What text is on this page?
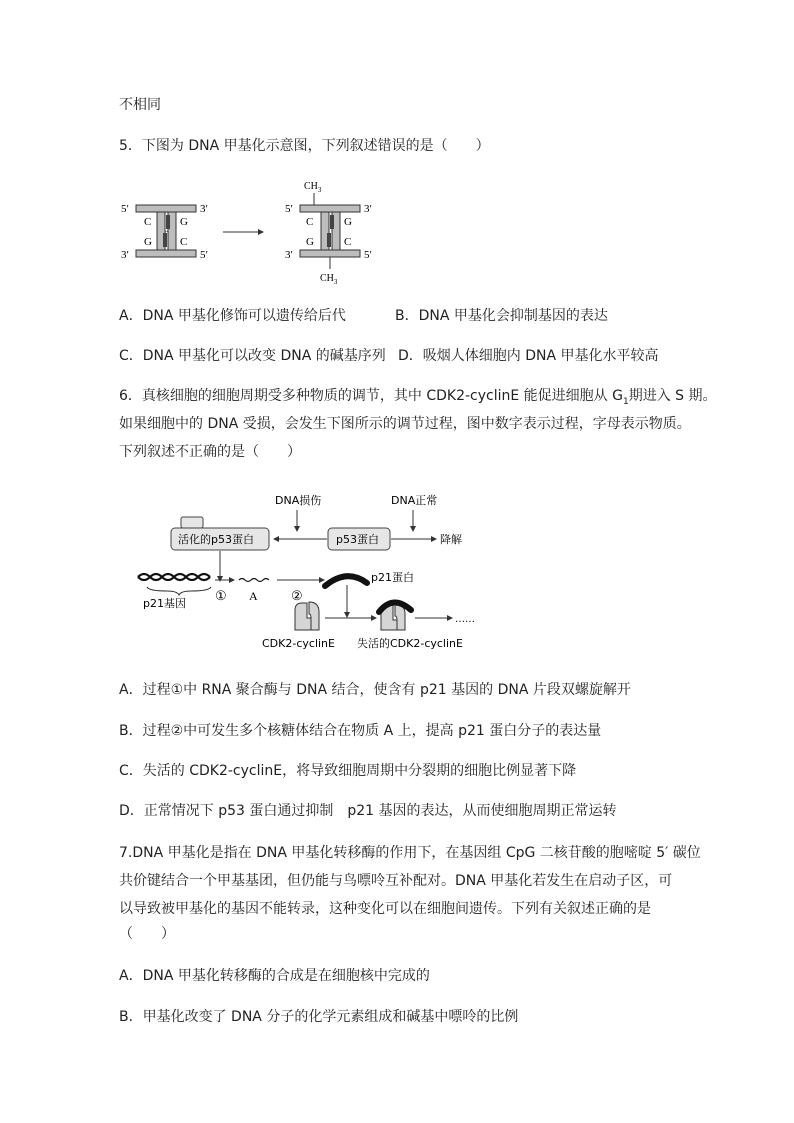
不相同
5．下图为 DNA 甲基化示意图，下列叙述错误的是（　　）
5′	3′
3′	5′
C	G
G	C
$CH_3$
$CH_3$
5′	3′
3′	5′
C	G
G	C
A．DNA 甲基化修饰可以遗传给后代	B．DNA 甲基化会抑制基因的表达
C．DNA 甲基化可以改变 DNA 的碱基序列 D．吸烟人体细胞内 DNA 甲基化水平较高
6．真核细胞的细胞周期受多种物质的调节，其中 CDK2-cyclinE 能促进细胞从 $G_1$期进入 S 期。
如果细胞中的 DNA 受损，会发生下图所示的调节过程，图中数字表示过程，字母表示物质。
下列叙述不正确的是（　　）
DNA损伤	DNA正常
活化的p53蛋白	p53蛋白	降解
p21基因
① A	②
p21蛋白
CDK2-cyclinE 失活的CDK2-cyclinE
……
A．过程①中 RNA 聚合酶与 DNA 结合，使含有 p21 基因的 DNA 片段双螺旋解开
B．过程②中可发生多个核糖体结合在物质 A 上，提高 p21 蛋白分子的表达量
C．失活的 CDK2-cyclinE，将导致细胞周期中分裂期的细胞比例显著下降
D．正常情况下 p53 蛋白通过抑制　p21 基因的表达，从而使细胞周期正常运转
7.DNA 甲基化是指在 DNA 甲基化转移酶的作用下，在基因组 CpG 二核苷酸的胞嘧啶 5′ 碳位
共价键结合一个甲基基团，但仍能与鸟嘌呤互补配对。DNA 甲基化若发生在启动子区，可
以导致被甲基化的基因不能转录，这种变化可以在细胞间遗传。下列有关叙述正确的是
（　　）
A．DNA 甲基化转移酶的合成是在细胞核中完成的
B．甲基化改变了 DNA 分子的化学元素组成和碱基中嘌呤的比例
